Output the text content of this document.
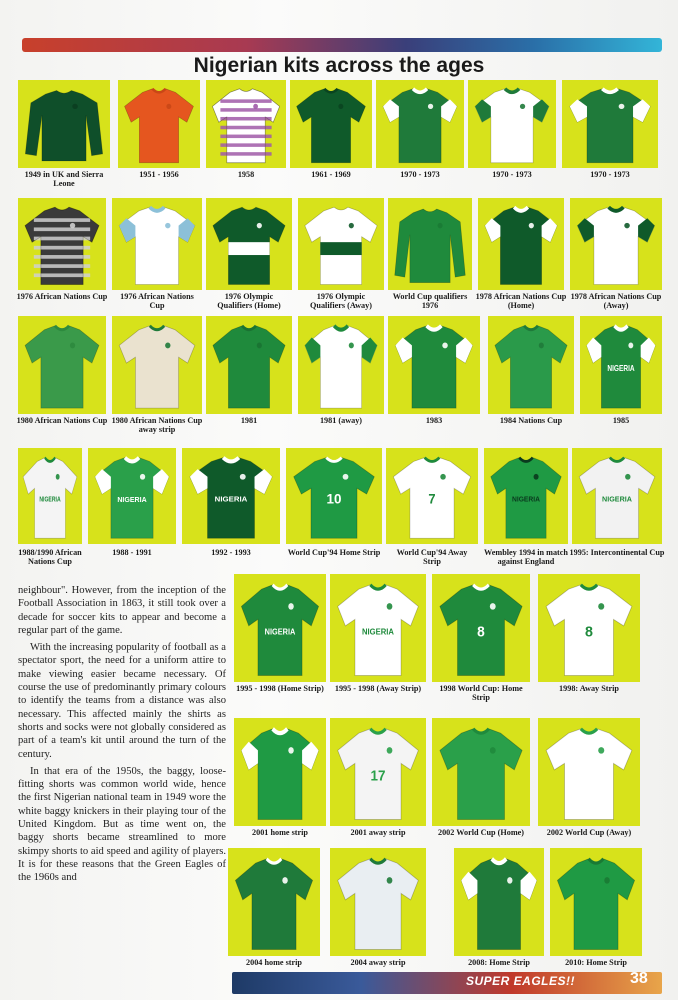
Nigerian kits across the ages
1949 in UK and Sierra Leone
1951 - 1956	1958	1961 - 1969	1970 - 1973	1970 - 1973	1970 - 1973
1976 African Nations Cup	1976 African Nations Cup
1976 Olympic Qualifiers (Home)
1976 Olympic Qualifiers (Away)
World Cup qualifiers 1976
1978 African Nations Cup (Home)
1978 African Nations Cup (Away)
1980 African Nations Cup 1980 African Nations Cup away strip
1981	1981 (away)	1983	1984 Nations Cup
NIGERIA
1985
NIGERIA
1988/1990 African Nations Cup
NIGERIA
1988 - 1991
NIGERIA
1992 - 1993
10
World Cup'94 Home Strip
7
World Cup'94 Away Strip
NIGERIA
Wembley 1994 in match against England
NIGERIA
1995: Intercontinental Cup
NIGERIA
1995 - 1998 (Home Strip)
NIGERIA
1995 - 1998 (Away Strip)
8
1998 World Cup: Home Strip
8
1998: Away Strip
2001 home strip
17
2001 away strip	2002 World Cup (Home)	2002 World Cup (Away)
2004 home strip	2004 away strip	2008: Home Strip	2010: Home Strip

neighbour". However, from the inception of the Football Association in 1863, it still took over a decade for soccer kits to appear and become a regular part of the game.

With the increasing popularity of football as a spectator sport, the need for a uniform attire to make viewing easier became necessary. Of course the use of predominantly primary colours to identify the teams from a distance was also necessary. This affected mainly the shirts as shorts and socks were not globally considered as part of a team's kit until around the turn of the century.

In that era of the 1950s, the baggy, loose-fitting shorts was common world wide, hence the first Nigerian national team in 1949 wore the white baggy knickers in their playing tour of the United Kingdom. But as time went on, the baggy shorts became streamlined to more skimpy shorts to aid speed and agility of players. It is for these reasons that the Green Eagles of the 1960s and

SUPER EAGLES!!	38
